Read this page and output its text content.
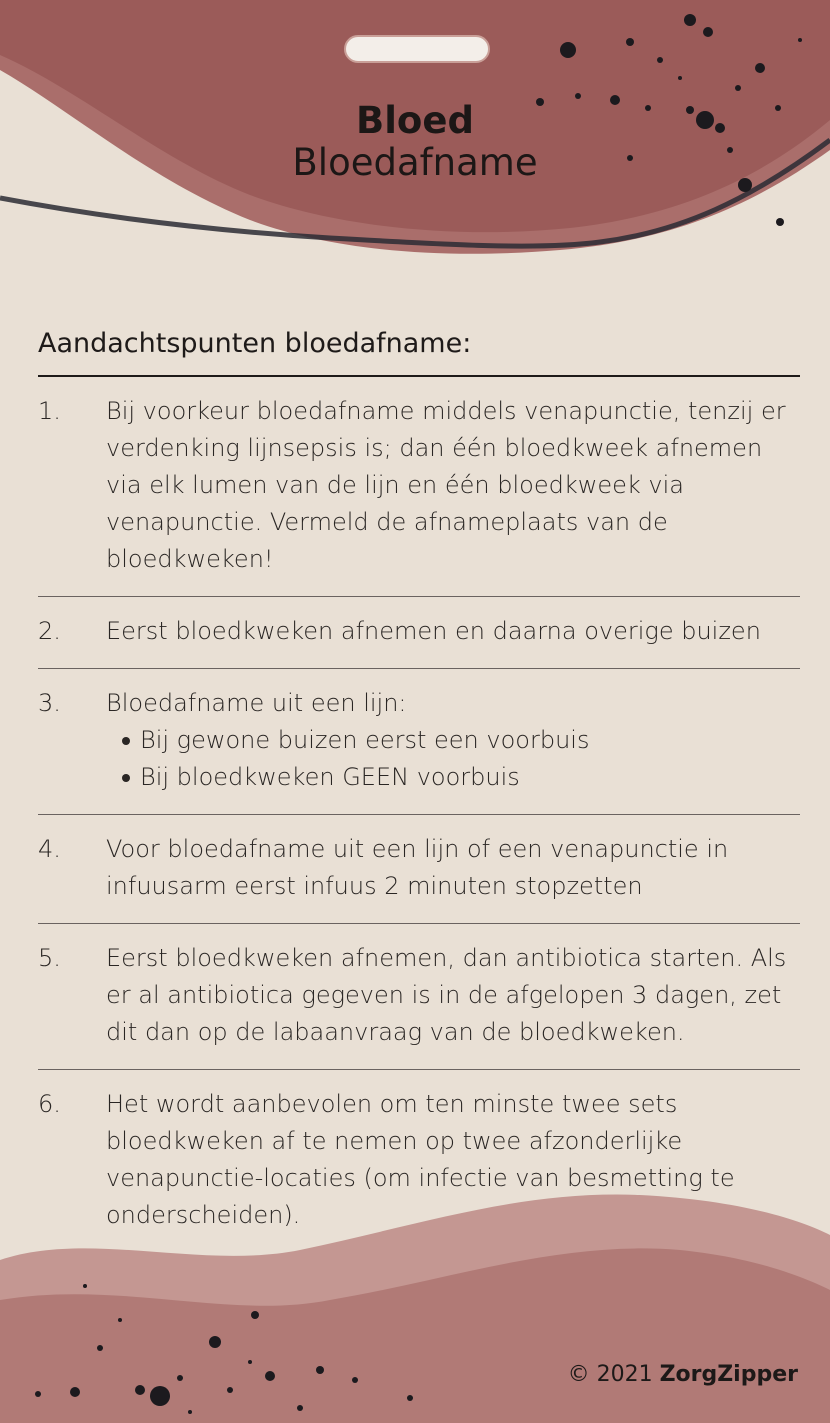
Bloed
Bloedafname
Aandachtspunten bloedafname:
1.	Bij voorkeur bloedafname middels venapunctie, tenzij er verdenking lijnsepsis is; dan één bloedkweek afnemen via elk lumen van de lijn en één bloedkweek via venapunctie. Vermeld de afnameplaats van de bloedkweken!
2.	Eerst bloedkweken afnemen en daarna overige buizen
3.	Bloedafname uit een lijn:
Bij gewone buizen eerst een voorbuis
Bij bloedkweken GEEN voorbuis
4.	Voor bloedafname uit een lijn of een venapunctie in infuusarm eerst infuus 2 minuten stopzetten
5.	Eerst bloedkweken afnemen, dan antibiotica starten. Als er al antibiotica gegeven is in de afgelopen 3 dagen, zet dit dan op de labaanvraag van de bloedkweken.
6.	Het wordt aanbevolen om ten minste twee sets bloedkweken af te nemen op twee afzonderlijke venapunctie-locaties (om infectie van besmetting te onderscheiden).
© 2021 ZorgZipper
